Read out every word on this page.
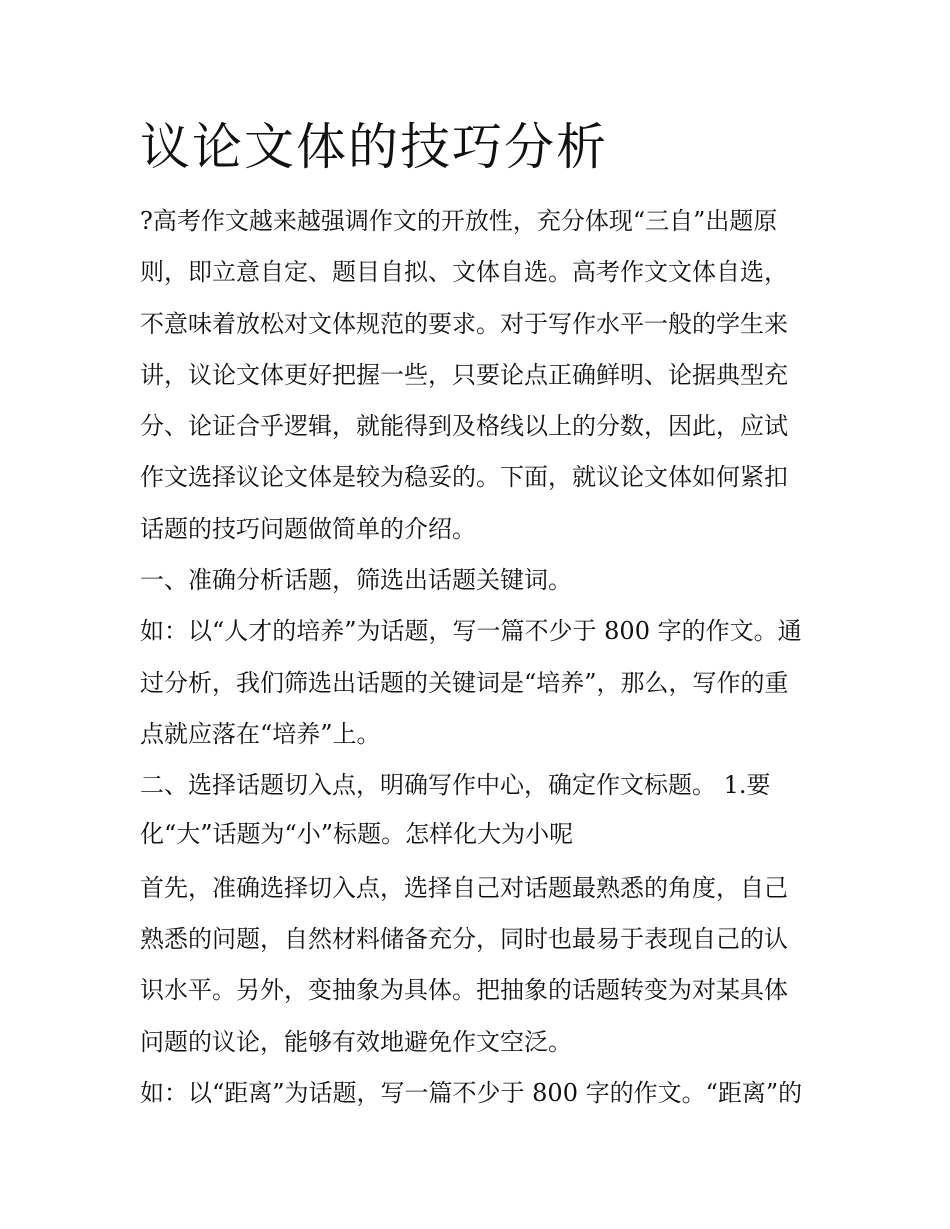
议论文体的技巧分析
?高考作文越来越强调作文的开放性，充分体现“三自”出题原
则，即立意自定、题目自拟、文体自选。高考作文文体自选，
不意味着放松对文体规范的要求。对于写作水平一般的学生来
讲，议论文体更好把握一些，只要论点正确鲜明、论据典型充
分、论证合乎逻辑，就能得到及格线以上的分数，因此，应试
作文选择议论文体是较为稳妥的。下面，就议论文体如何紧扣
话题的技巧问题做简单的介绍。
一、准确分析话题，筛选出话题关键词。
如：以“人才的培养”为话题，写一篇不少于 800 字的作文。通
过分析，我们筛选出话题的关键词是“培养”，那么，写作的重
点就应落在“培养”上。
二、选择话题切入点，明确写作中心，确定作文标题。 1.要
化“大”话题为“小”标题。怎样化大为小呢
首先，准确选择切入点，选择自己对话题最熟悉的角度，自己
熟悉的问题，自然材料储备充分，同时也最易于表现自己的认
识水平。另外，变抽象为具体。把抽象的话题转变为对某具体
问题的议论，能够有效地避免作文空泛。
如：以“距离”为话题，写一篇不少于 800 字的作文。“距离”的
